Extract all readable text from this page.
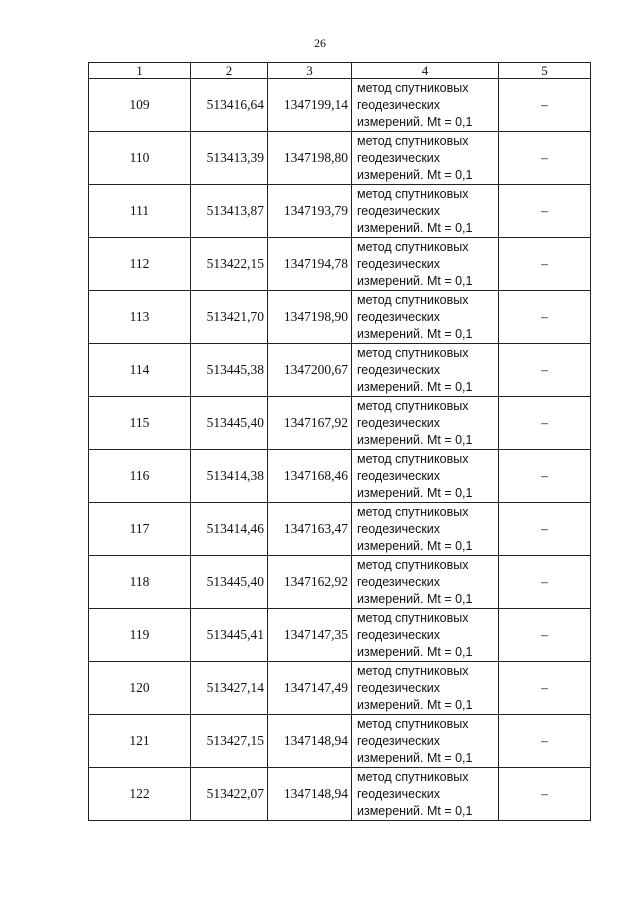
26
1	2	3	4	5
109	513416,64	1347199,14	метод спутниковых
геодезических
измерений. Mt = 0,1	–
110	513413,39	1347198,80	метод спутниковых
геодезических
измерений. Mt = 0,1	–
111	513413,87	1347193,79	метод спутниковых
геодезических
измерений. Mt = 0,1	–
112	513422,15	1347194,78	метод спутниковых
геодезических
измерений. Mt = 0,1	–
113	513421,70	1347198,90	метод спутниковых
геодезических
измерений. Mt = 0,1	–
114	513445,38	1347200,67	метод спутниковых
геодезических
измерений. Mt = 0,1	–
115	513445,40	1347167,92	метод спутниковых
геодезических
измерений. Mt = 0,1	–
116	513414,38	1347168,46	метод спутниковых
геодезических
измерений. Mt = 0,1	–
117	513414,46	1347163,47	метод спутниковых
геодезических
измерений. Mt = 0,1	–
118	513445,40	1347162,92	метод спутниковых
геодезических
измерений. Mt = 0,1	–
119	513445,41	1347147,35	метод спутниковых
геодезических
измерений. Mt = 0,1	–
120	513427,14	1347147,49	метод спутниковых
геодезических
измерений. Mt = 0,1	–
121	513427,15	1347148,94	метод спутниковых
геодезических
измерений. Mt = 0,1	–
122	513422,07	1347148,94	метод спутниковых
геодезических
измерений. Mt = 0,1	–
